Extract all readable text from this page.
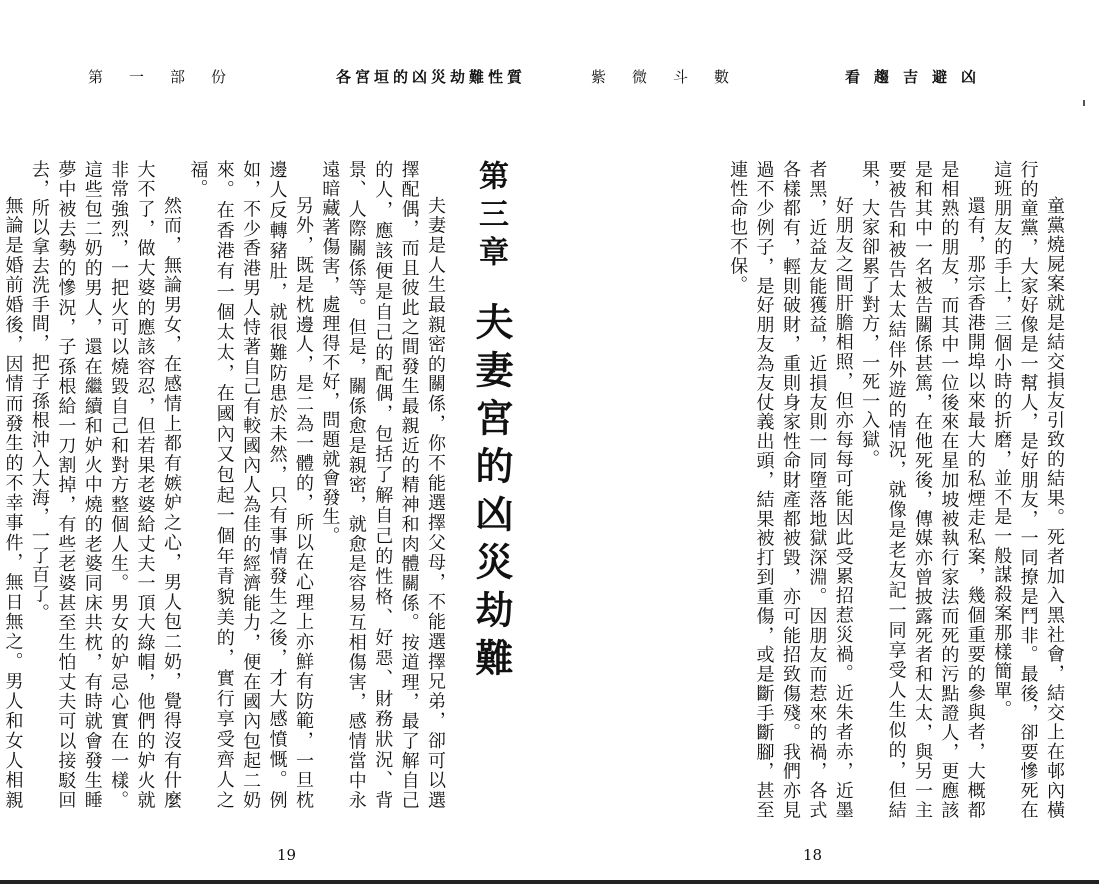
第一部份	各宮垣的凶災劫難性質
第三章
夫妻宮的凶災劫難

夫妻是人生最親密的關係，你不能選擇父母，不能選擇兄弟，卻可以選擇配偶，而且彼此之間發生最親近的精神和肉體關係。按道理，最了解自己的人，應該便是自己的配偶，包括了解自己的性格、好惡、財務狀況、背景、人際關係等。但是，關係愈是親密，就愈是容易互相傷害，感情當中永遠暗藏著傷害，處理得不好，問題就會發生。

另外，既是枕邊人，是二為一體的，所以在心理上亦鮮有防範，一旦枕邊人反轉豬肚，就很難防患於未然，只有事情發生之後，才大感憤慨。例如，不少香港男人恃著自己有較國內人為佳的經濟能力，便在國內包起二奶來。在香港有一個太太，在國內又包起一個年青貌美的，實行享受齊人之福。

然而，無論男女，在感情上都有嫉妒之心，男人包二奶，覺得沒有什麼大不了，做大婆的應該容忍，但若果老婆給丈夫一頂大綠帽，他們的妒火就非常強烈，一把火可以燒毀自己和對方整個人生。男女的妒忌心實在一樣。這些包二奶的男人，還在繼續和妒火中燒的老婆同床共枕，有時就會發生睡夢中被去勢的慘況，子孫根給一刀割掉，有些老婆甚至生怕丈夫可以接駁回去，所以拿去洗手間，把子孫根沖入大海，一了百了。

無論是婚前婚後，因情而發生的不幸事件，無日無之。男人和女人相親

19
紫微斗數	看趨吉避凶

童黨燒屍案就是結交損友引致的結果。死者加入黑社會，結交上在邨內橫行的童黨，大家好像是一幫人，是好朋友，一同撩是鬥非。最後，卻要慘死在這班朋友的手上，三個小時的折磨，並不是一般謀殺案那樣簡單。

還有，那宗香港開埠以來最大的私煙走私案，幾個重要的參與者，大概都是相熟的朋友，而其中一位後來在星加坡被執行家法而死的污點證人，更應該是和其中一名被告關係甚篤，在他死後，傳媒亦曾披露死者和太太，與另一主要被告和被告太太結伴外遊的情況，就像是老友記一同享受人生似的，但結果，大家卻累了對方，一死一入獄。

好朋友之間肝膽相照，但亦每每可能因此受累招惹災禍。近朱者赤，近墨者黑，近益友能獲益，近損友則一同墮落地獄深淵。因朋友而惹來的禍，各式各樣都有，輕則破財，重則身家性命財產都被毀，亦可能招致傷殘。我們亦見過不少例子，是好朋友為友仗義出頭，結果被打到重傷，或是斷手斷腳，甚至連性命也不保。

18
